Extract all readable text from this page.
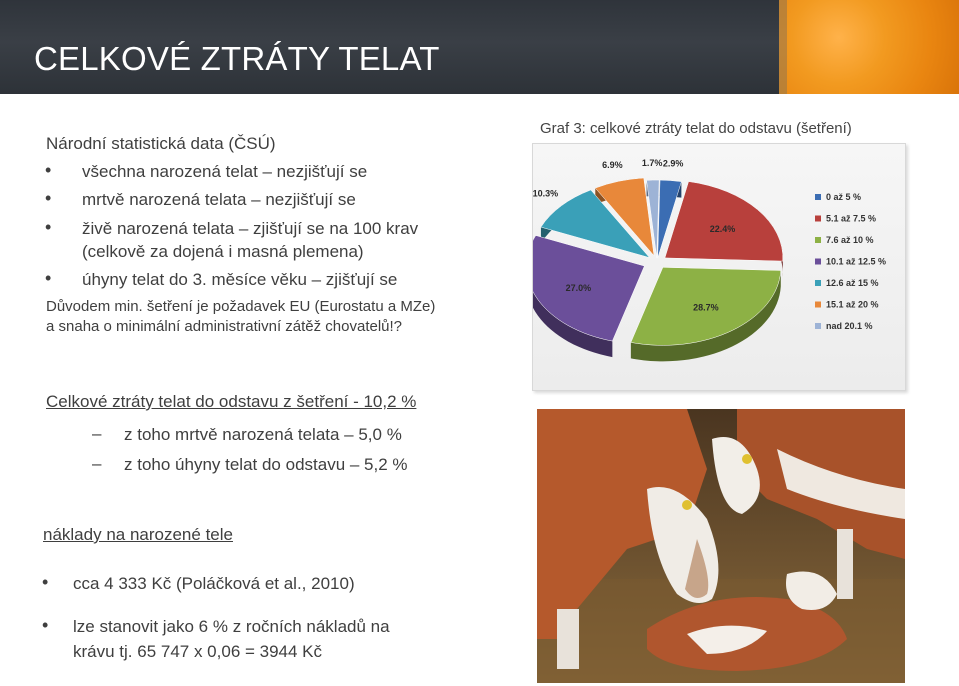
CELKOVÉ ZTRÁTY TELAT
Národní statistická data (ČSÚ)
• všechna narozená telat – nezjišťují se
• mrtvě narozená telata – nezjišťují se
• živě narozená telata – zjišťují se na 100 krav
(celkově za dojená i masná plemena)
• úhyny telat do 3. měsíce věku – zjišťují se
Důvodem min. šetření je požadavek EU (Eurostatu a MZe)
a snaha o minimální administrativní zátěž chovatelů!?
Graf 3: celkové ztráty telat do odstavu (šetření)
2.9%
22.4%
28.7%
27.0%
10.3%
6.9% 1.7%
0 až 5 %
5.1 až 7.5 %
7.6 až 10 %
10.1 až 12.5 %
12.6 až 15 %
15.1 až 20 %
nad 20.1 %
Celkové ztráty telat do odstavu z šetření - 10,2 %
– z toho mrtvě narozená telata – 5,0 %
– z toho úhyny telat do odstavu – 5,2 %
náklady na narozené tele
• cca 4 333 Kč (Poláčková et al., 2010)
• lze stanovit jako 6 % z ročních nákladů na
krávu tj. 65 747 x 0,06 = 3944 Kč
